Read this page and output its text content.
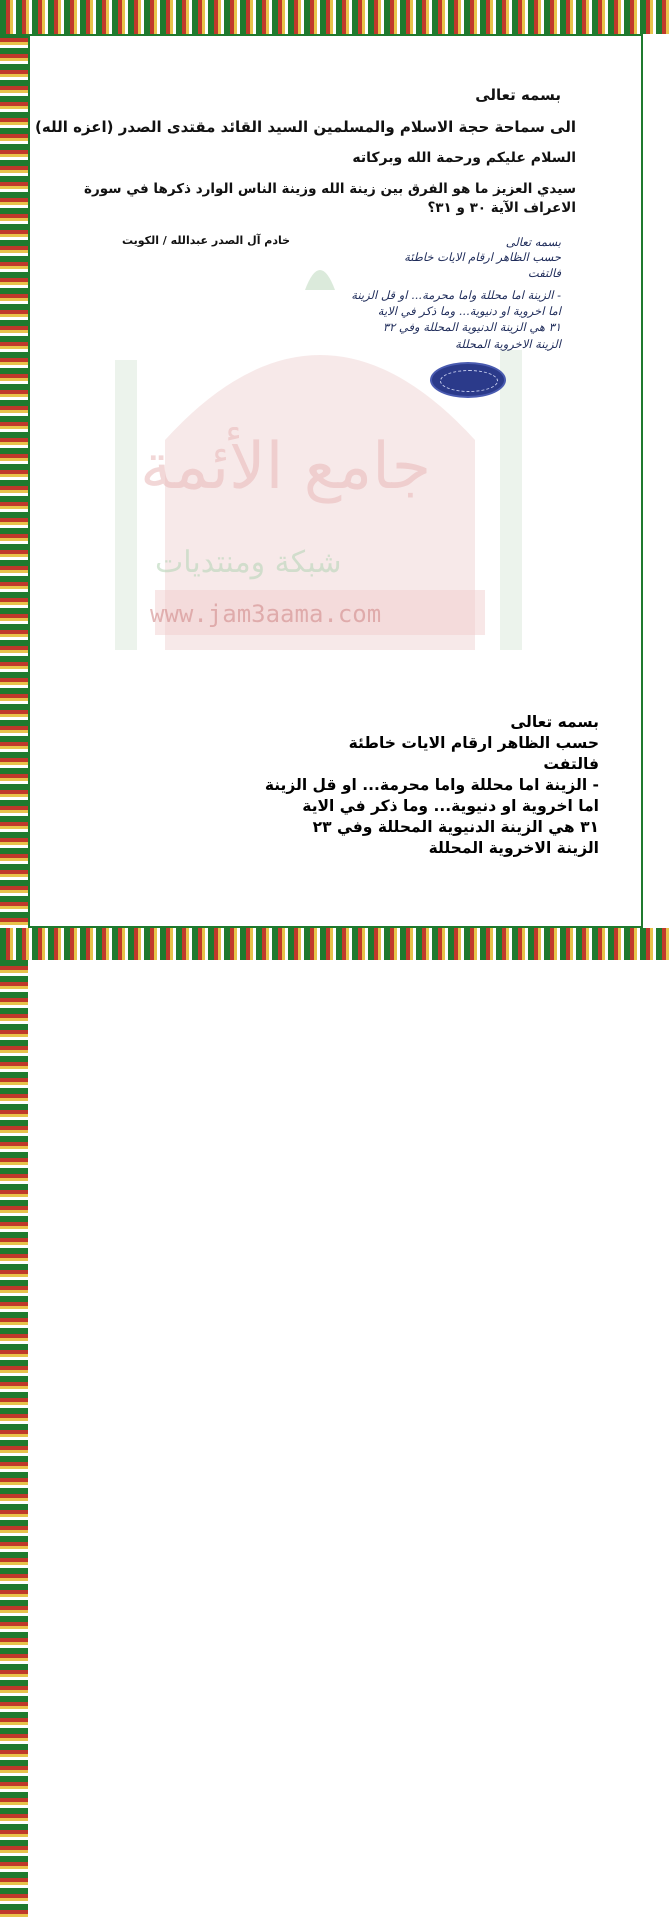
جامع الأئمة
شبكة ومنتديات
www.jam3aama.com
بسمه تعالى
الى سماحة حجة الاسلام والمسلمين السيد القائد مقتدى الصدر (اعزه الله)
السلام عليكم ورحمة الله وبركاته
سيدي العزيز ما هو الفرق بين زينة الله وزينة الناس الوارد ذكرها في سورة
الاعراف الآية ٣٠ و ٣١؟
خادم آل الصدر عبدالله / الكويت	بسمه تعالى
حسب الظاهر ارقام الايات خاطئة
فالتفت
- الزينة اما محللة واما محرمة... او قل الزينة
اما اخروية او دنيوية... وما ذكر في الاية
٣١ هي الزينة الدنيوية المحللة وفي ٣٢
الزينة الاخروية المحللة
بسمه تعالى
حسب الظاهر ارقام الايات خاطئة
فالتفت
- الزينة اما محللة واما محرمة... او قل الزينة
اما اخروية او دنيوية... وما ذكر في الاية
٣١ هي الزينة الدنيوية المحللة وفي ٢٣
الزينة الاخروية المحللة
